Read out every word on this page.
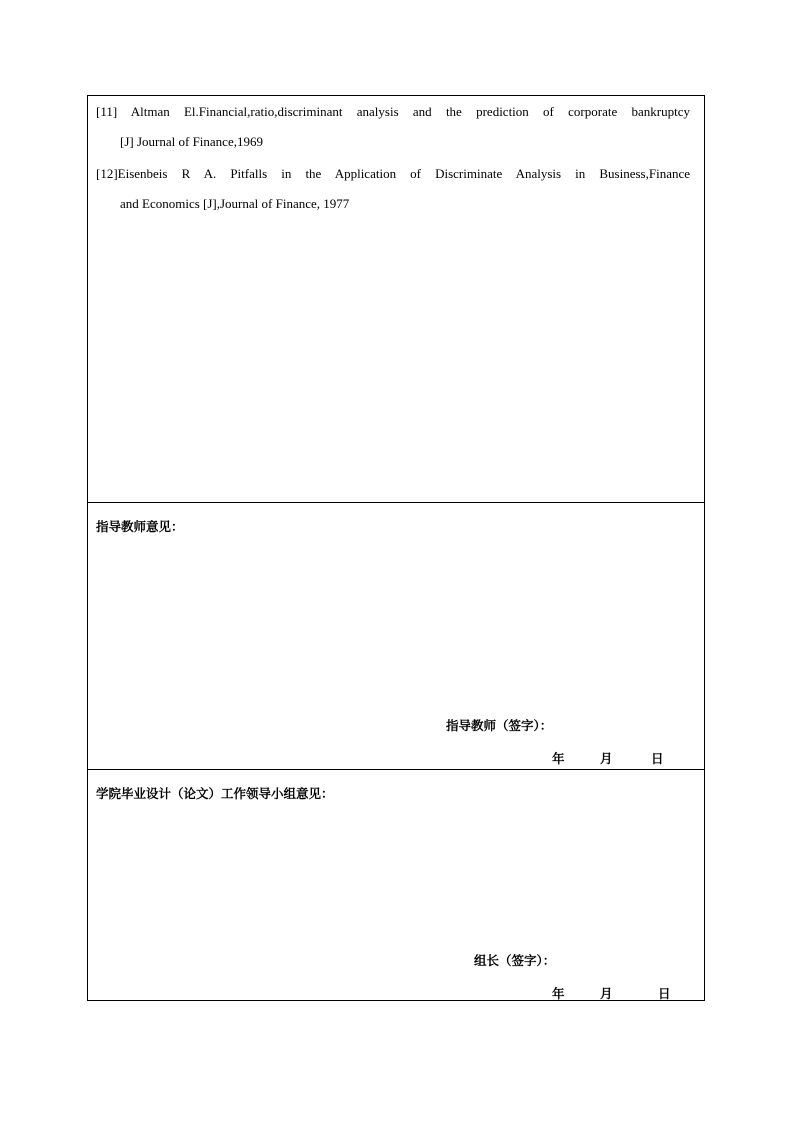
[11] Altman El.Financial,ratio,discriminant analysis and the prediction of corporate bankruptcy
[J] Journal of Finance,1969
[12]Eisenbeis R A. Pitfalls in the Application of Discriminate Analysis in Business,Finance
and Economics [J],Journal of Finance, 1977
指导教师意见：
指导教师（签字）：
年	月	日
学院毕业设计（论文）工作领导小组意见：
组长（签字）：
年	月	日
